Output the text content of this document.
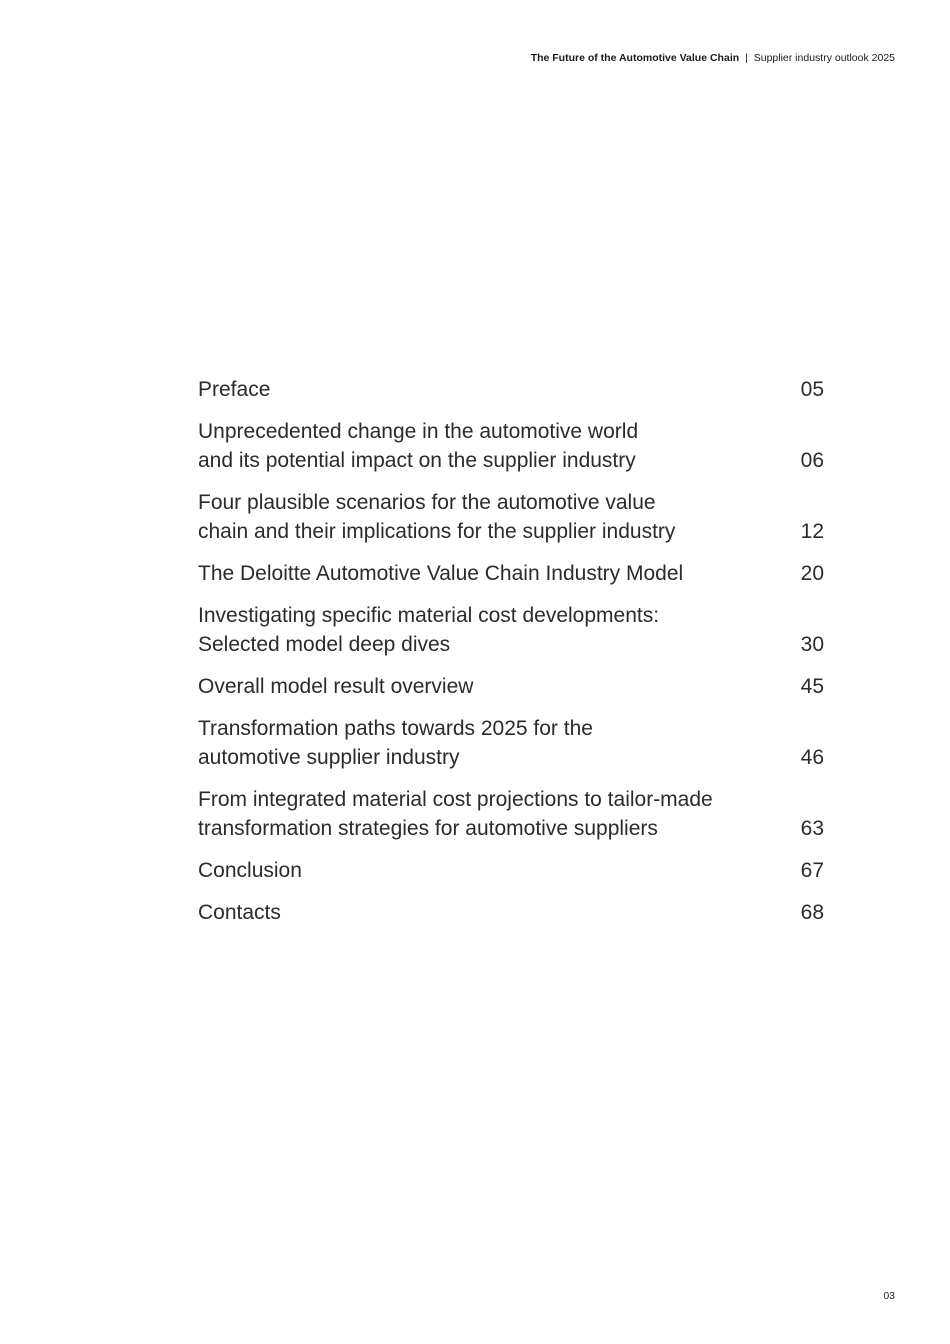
The Future of the Automotive Value Chain | Supplier industry outlook 2025
Preface	05
Unprecedented change in the automotive world
and its potential impact on the supplier industry	06
Four plausible scenarios for the automotive value
chain and their implications for the supplier industry	12
The Deloitte Automotive Value Chain Industry Model	20
Investigating specific material cost developments:
Selected model deep dives	30
Overall model result overview	45
Transformation paths towards 2025 for the
automotive supplier industry	46
From integrated material cost projections to tailor-made
transformation strategies for automotive suppliers	63
Conclusion	67
Contacts	68
03
